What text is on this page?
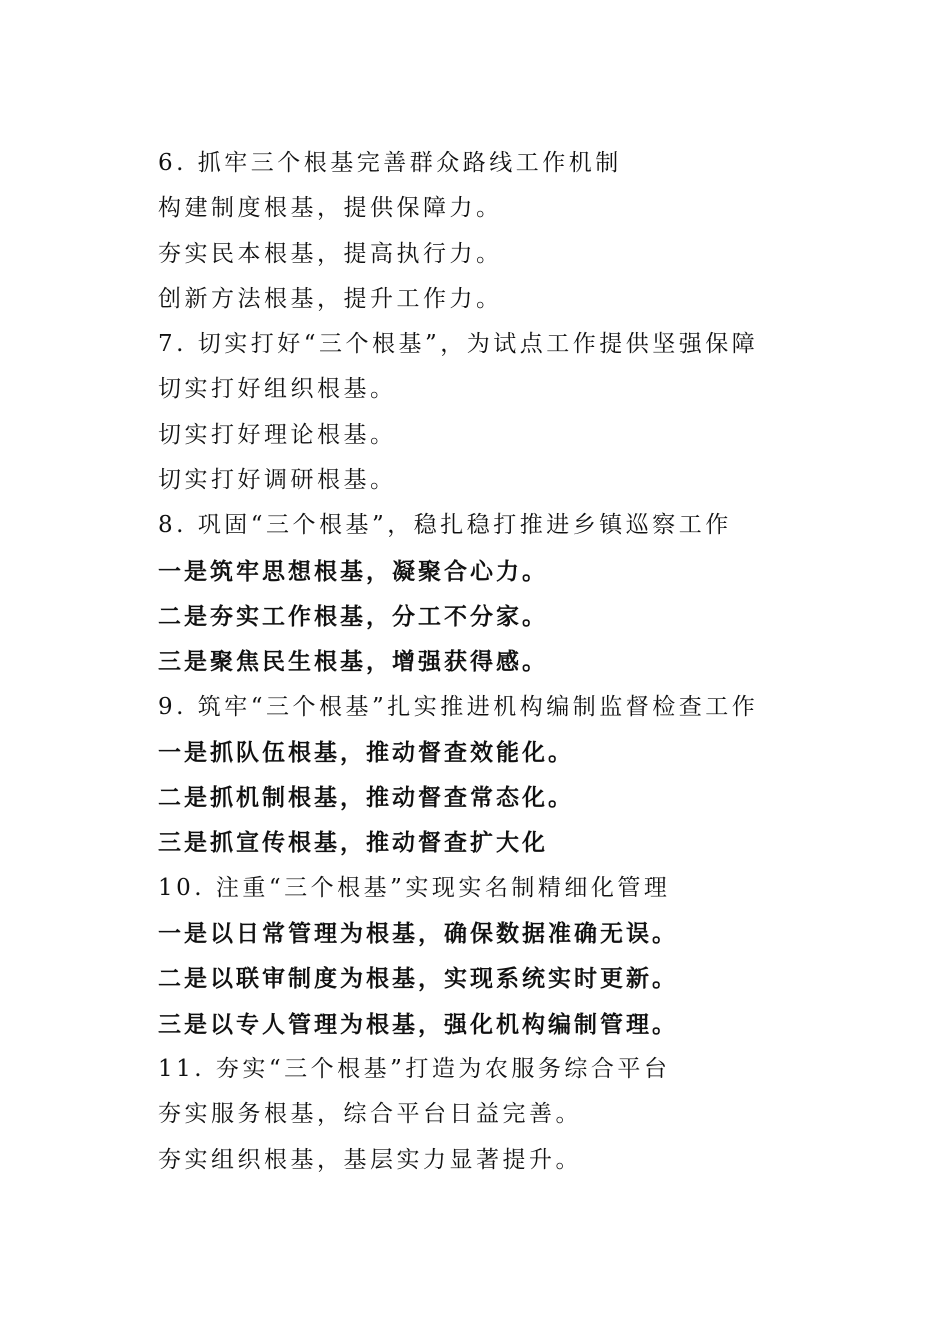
6. 抓牢三个根基完善群众路线工作机制
构建制度根基，提供保障力。
夯实民本根基，提高执行力。
创新方法根基，提升工作力。
7. 切实打好“三个根基”，为试点工作提供坚强保障
切实打好组织根基。
切实打好理论根基。
切实打好调研根基。
8. 巩固“三个根基”，稳扎稳打推进乡镇巡察工作
一是筑牢思想根基，凝聚合心力。
二是夯实工作根基，分工不分家。
三是聚焦民生根基，增强获得感。
9. 筑牢“三个根基”扎实推进机构编制监督检查工作
一是抓队伍根基，推动督查效能化。
二是抓机制根基，推动督查常态化。
三是抓宣传根基，推动督查扩大化
10. 注重“三个根基”实现实名制精细化管理
一是以日常管理为根基，确保数据准确无误。
二是以联审制度为根基，实现系统实时更新。
三是以专人管理为根基，强化机构编制管理。
11. 夯实“三个根基”打造为农服务综合平台
夯实服务根基，综合平台日益完善。
夯实组织根基，基层实力显著提升。
